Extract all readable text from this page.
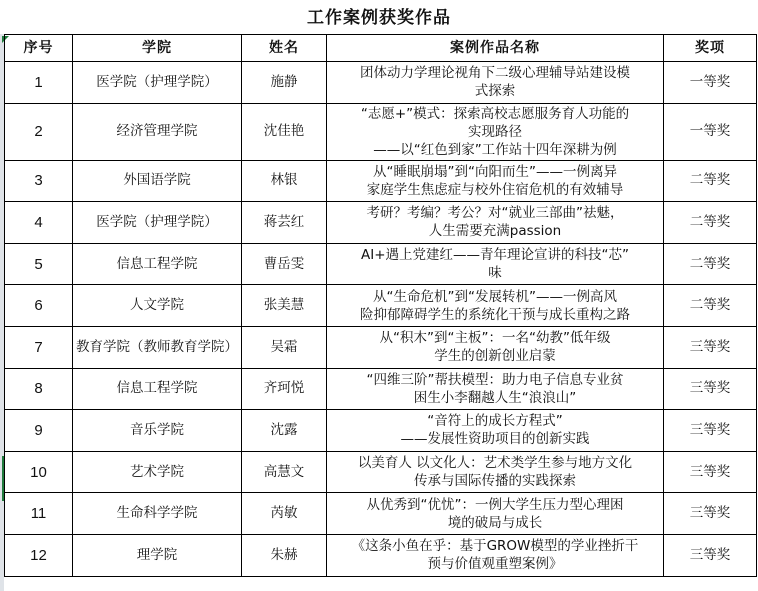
工作案例获奖作品
序号	学院	姓名	案例作品名称	奖项
1	医学院（护理学院）	施静	团体动力学理论视角下二级心理辅导站建设模
式探索	一等奖
2	经济管理学院	沈佳艳	“志愿+”模式：探索高校志愿服务育人功能的
实现路径
——以“红色到家”工作站十四年深耕为例	一等奖
3	外国语学院	林银	从“睡眠崩塌”到“向阳而生”——一例离异
家庭学生焦虑症与校外住宿危机的有效辅导	二等奖
4	医学院（护理学院）	蒋芸红	考研？考编？考公？对“就业三部曲”祛魅，
人生需要充满passion	二等奖
5	信息工程学院	曹岳雯	AI+遇上党建红——青年理论宣讲的科技“芯”
味	二等奖
6	人文学院	张美慧	从“生命危机”到“发展转机”——一例高风
险抑郁障碍学生的系统化干预与成长重构之路	二等奖
7	教育学院（教师教育学院）	吴霜	从“积木”到“主板”：一名“幼教”低年级
学生的创新创业启蒙	三等奖
8	信息工程学院	齐珂悦	“四维三阶”帮扶模型：助力电子信息专业贫
困生小李翻越人生“浪浪山”	三等奖
9	音乐学院	沈露	“音符上的成长方程式”
——发展性资助项目的创新实践	三等奖
10	艺术学院	高慧文	以美育人 以文化人：艺术类学生参与地方文化
传承与国际传播的实践探索	三等奖
11	生命科学学院	芮敏	从优秀到“优忧”：一例大学生压力型心理困
境的破局与成长	三等奖
12	理学院	朱赫	《这条小鱼在乎：基于GROW模型的学业挫折干
预与价值观重塑案例》	三等奖
